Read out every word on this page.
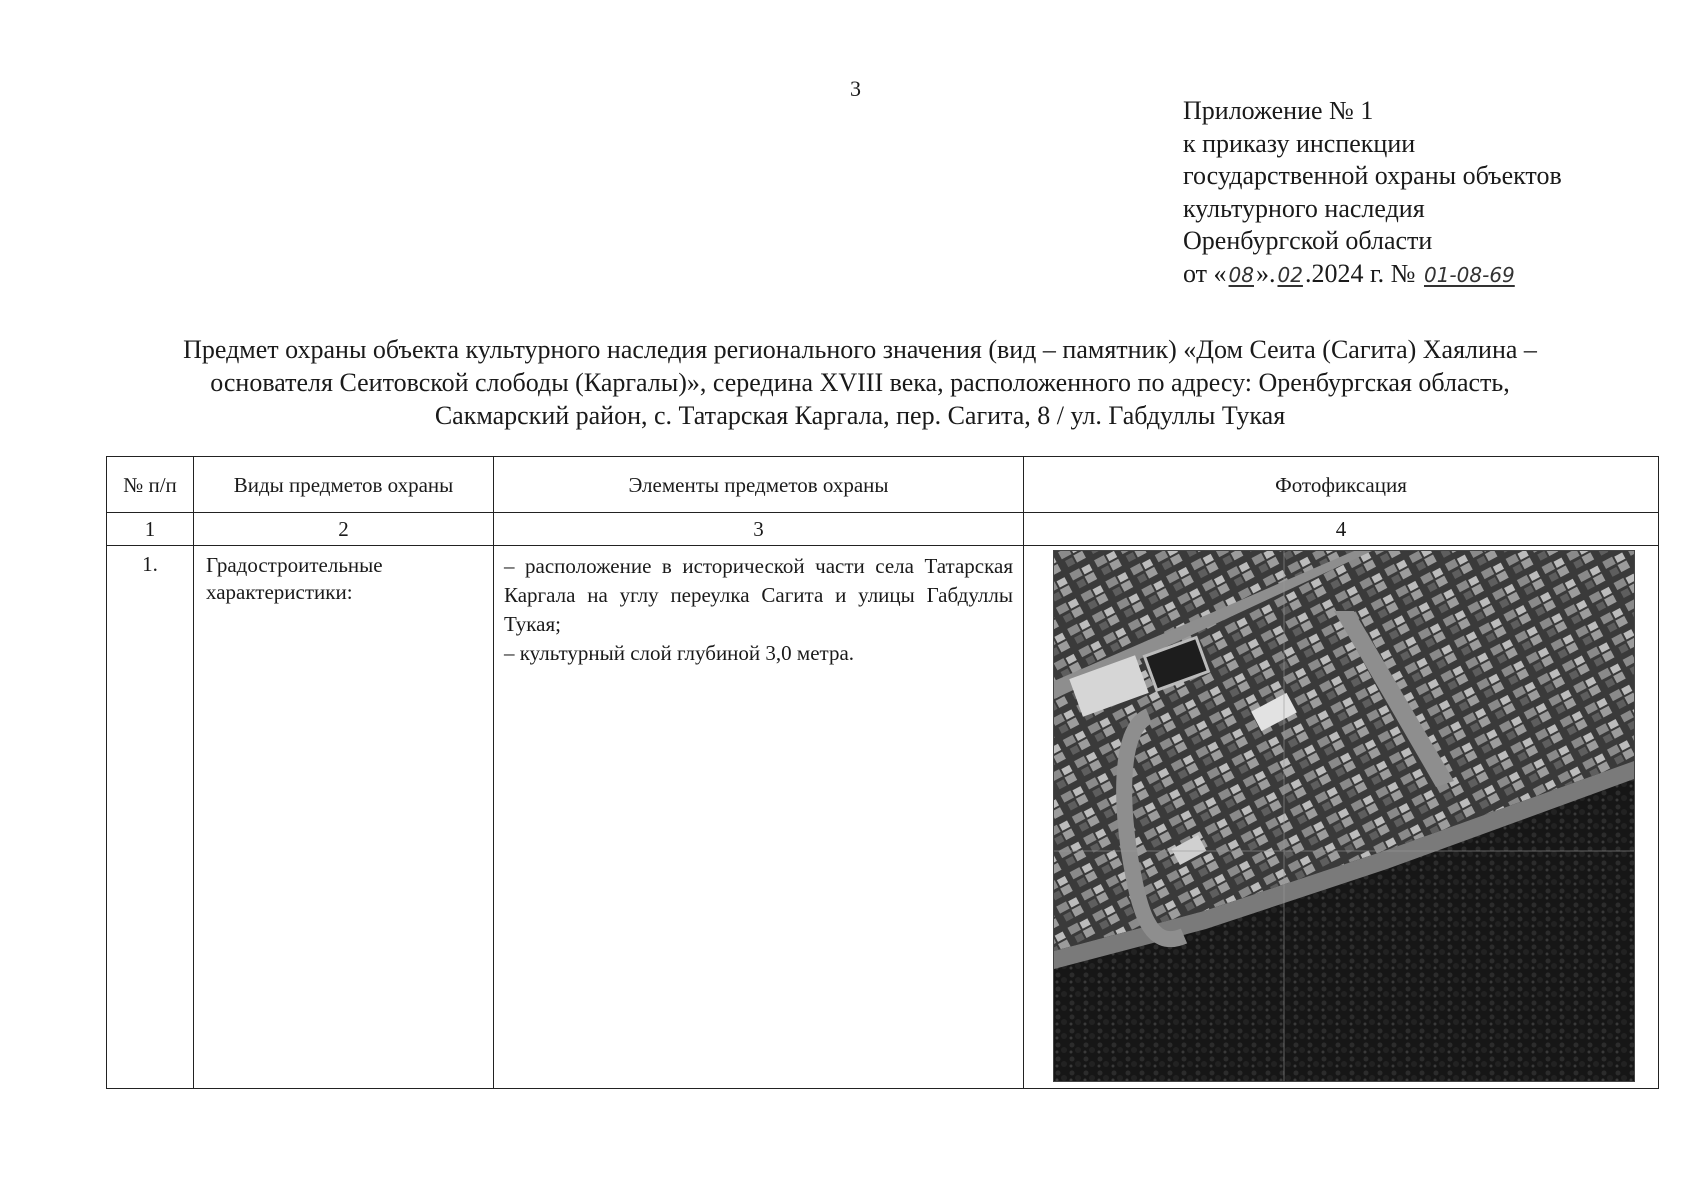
3
Приложение № 1
к приказу инспекции
государственной охраны объектов
культурного наследия
Оренбургской области
от « 08». 02.2024 г. № 01-08-69
Предмет охраны объекта культурного наследия регионального значения (вид – памятник) «Дом Сеита (Сагита) Хаялина –
основателя Сеитовской слободы (Каргалы)», середина XVIII века, расположенного по адресу: Оренбургская область,
Сакмарский район, с. Татарская Каргала, пер. Сагита, 8 / ул. Габдуллы Тукая
№ п/п	Виды предметов охраны	Элементы предметов охраны	Фотофиксация
1	2	3	4
1.	Градостроительные характеристики:	– расположение в исторической части села Татарская Каргала на углу переулка Сагита и улицы Габдуллы Тукая;

– культурный слой глубиной 3,0 метра.
